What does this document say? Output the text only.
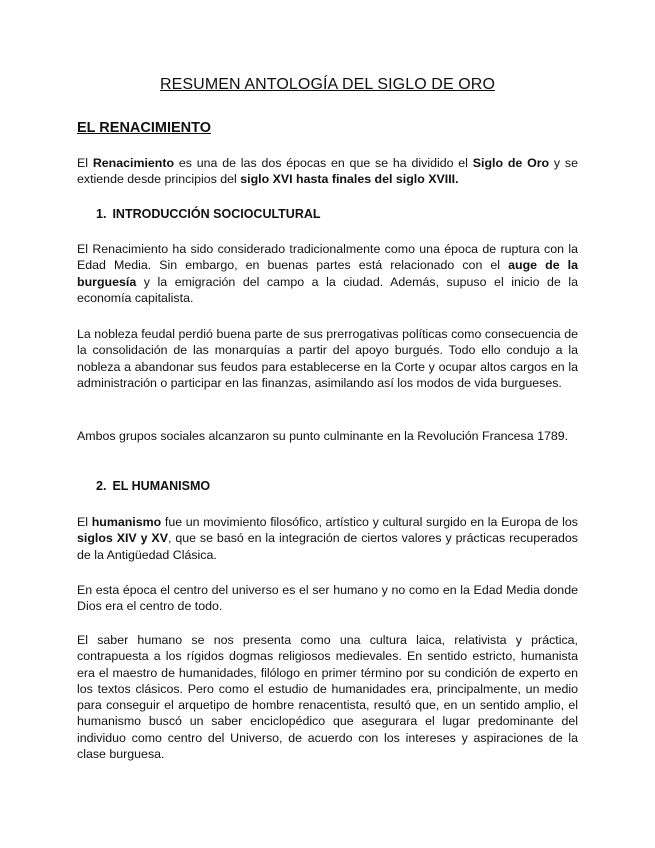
RESUMEN ANTOLOGÍA DEL SIGLO DE ORO
EL RENACIMIENTO

El Renacimiento es una de las dos épocas en que se ha dividido el Siglo de Oro y se extiende desde principios del siglo XVI hasta finales del siglo XVIII.

1. INTRODUCCIÓN SOCIOCULTURAL

El Renacimiento ha sido considerado tradicionalmente como una época de ruptura con la Edad Media. Sin embargo, en buenas partes está relacionado con el auge de la burguesía y la emigración del campo a la ciudad. Además, supuso el inicio de la economía capitalista.

La nobleza feudal perdió buena parte de sus prerrogativas políticas como consecuencia de la consolidación de las monarquías a partir del apoyo burgués. Todo ello condujo a la nobleza a abandonar sus feudos para establecerse en la Corte y ocupar altos cargos en la administración o participar en las finanzas, asimilando así los modos de vida burgueses.

Ambos grupos sociales alcanzaron su punto culminante en la Revolución Francesa 1789.

2. EL HUMANISMO

El humanismo fue un movimiento filosófico, artístico y cultural surgido en la Europa de los siglos XIV y XV, que se basó en la integración de ciertos valores y prácticas recuperados de la Antigüedad Clásica.

En esta época el centro del universo es el ser humano y no como en la Edad Media donde Dios era el centro de todo.

El saber humano se nos presenta como una cultura laica, relativista y práctica, contrapuesta a los rígidos dogmas religiosos medievales. En sentido estricto, humanista era el maestro de humanidades, filólogo en primer término por su condición de experto en los textos clásicos. Pero como el estudio de humanidades era, principalmente, un medio para conseguir el arquetipo de hombre renacentista, resultó que, en un sentido amplio, el humanismo buscó un saber enciclopédico que asegurara el lugar predominante del individuo como centro del Universo, de acuerdo con los intereses y aspiraciones de la clase burguesa.
